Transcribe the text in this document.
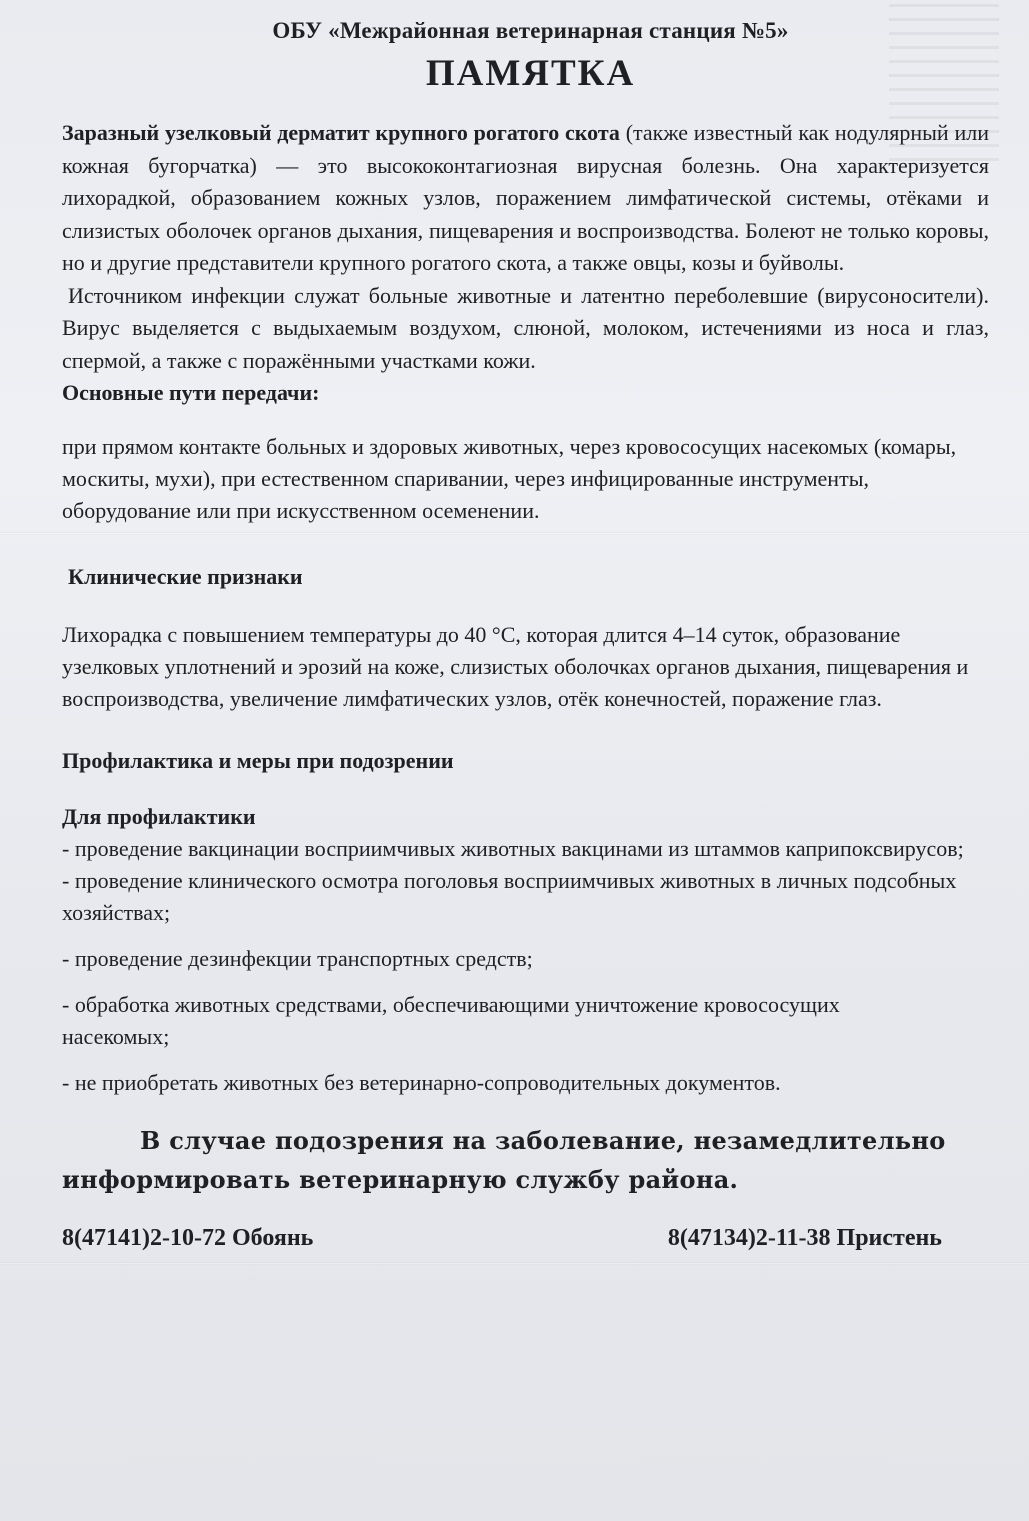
ОБУ «Межрайонная ветеринарная станция №5»

ПАМЯТКА

Заразный узелковый дерматит крупного рогатого скота (также известный как нодулярный или кожная бугорчатка) — это высококонтагиозная вирусная болезнь. Она характеризуется лихорадкой, образованием кожных узлов, поражением лимфатической системы, отёками и слизистых оболочек органов дыхания, пищеварения и воспроизводства. Болеют не только коровы, но и другие представители крупного рогатого скота, а также овцы, козы и буйволы.

Источником инфекции служат больные животные и латентно переболевшие (вирусоносители). Вирус выделяется с выдыхаемым воздухом, слюной, молоком, истечениями из носа и глаз, спермой, а также с поражёнными участками кожи.

Основные пути передачи:

при прямом контакте больных и здоровых животных, через кровососущих насекомых (комары, москиты, мухи), при естественном спаривании, через инфицированные инструменты, оборудование или при искусственном осеменении.

Клинические признаки

Лихорадка с повышением температуры до 40 °С, которая длится 4–14 суток, образование узелковых уплотнений и эрозий на коже, слизистых оболочках органов дыхания, пищеварения и воспроизводства, увеличение лимфатических узлов, отёк конечностей, поражение глаз.

Профилактика и меры при подозрении

Для профилактики

- проведение вакцинации восприимчивых животных вакцинами из штаммов каприпоксвирусов;

- проведение клинического осмотра поголовья восприимчивых животных в личных подсобных хозяйствах;

- проведение дезинфекции транспортных средств;

- обработка животных средствами, обеспечивающими уничтожение кровососущих насекомых;

- не приобретать животных без ветеринарно-сопроводительных документов.

В случае подозрения на заболевание, незамедлительно

информировать ветеринарную службу района.

8(47141)2-10-72 Обоянь	8(47134)2-11-38 Пристень
